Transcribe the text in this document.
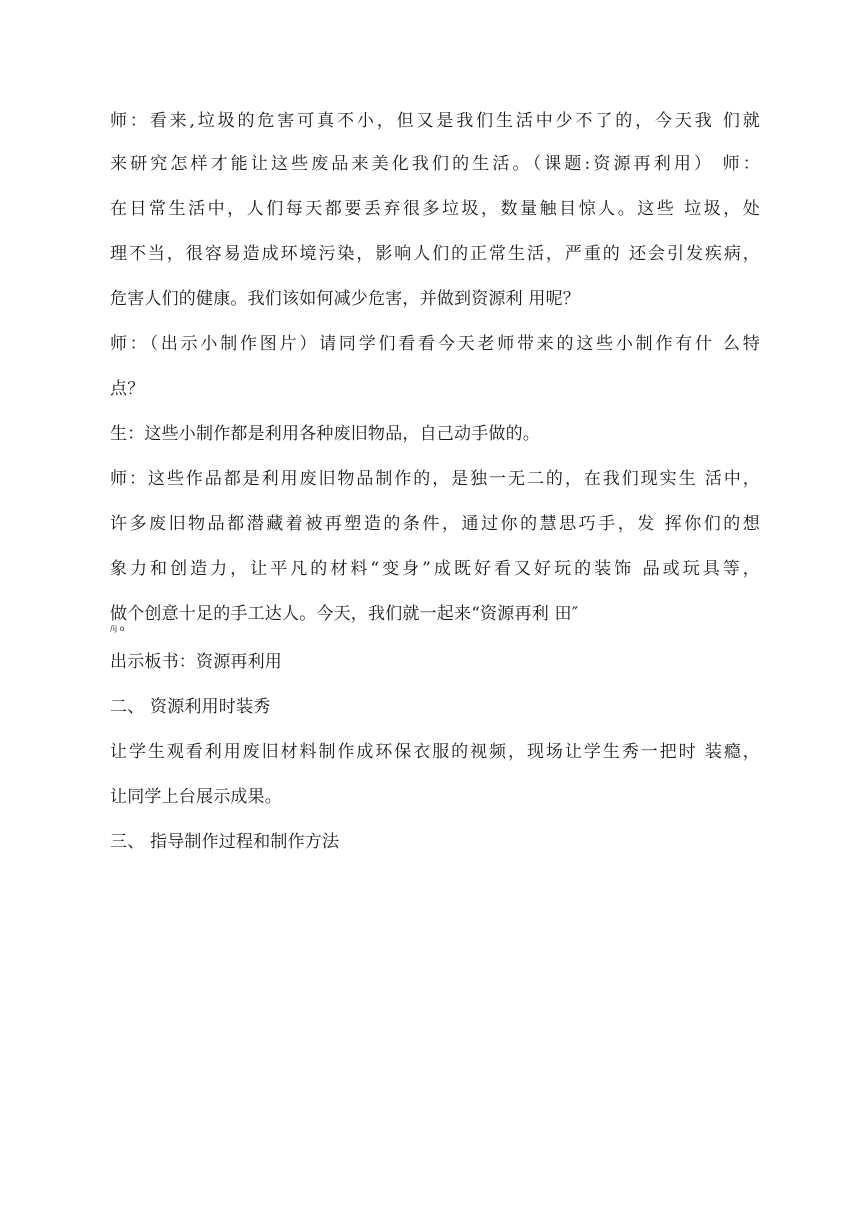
师：看来,垃圾的危害可真不小，但又是我们生活中少不了的，今天我 们就
来研究怎样才能让这些废品来美化我们的生活。（课题:资源再利用） 师：
在日常生活中，人们每天都要丢弃很多垃圾，数量触目惊人。这些 垃圾，处
理不当，很容易造成环境污染，影响人们的正常生活，严重的 还会引发疾病，
危害人们的健康。我们该如何减少危害，并做到资源利 用呢？
师：（出示小制作图片）请同学们看看今天老师带来的这些小制作有什 么特
点？
生：这些小制作都是利用各种废旧物品，自己动手做的。
师：这些作品都是利用废旧物品制作的，是独一无二的，在我们现实生 活中，
许多废旧物品都潜藏着被再塑造的条件，通过你的慧思巧手，发 挥你们的想
象力和创造力，让平凡的材料“变身”成既好看又好玩的装饰 品或玩具等，
做个创意十足的手工达人。今天，我们就一起来“资源再利 田″
/ij o
出示板书：资源再利用
二、 资源利用时装秀
让学生观看利用废旧材料制作成环保衣服的视频，现场让学生秀一把时 装瘾，
让同学上台展示成果。
三、 指导制作过程和制作方法
